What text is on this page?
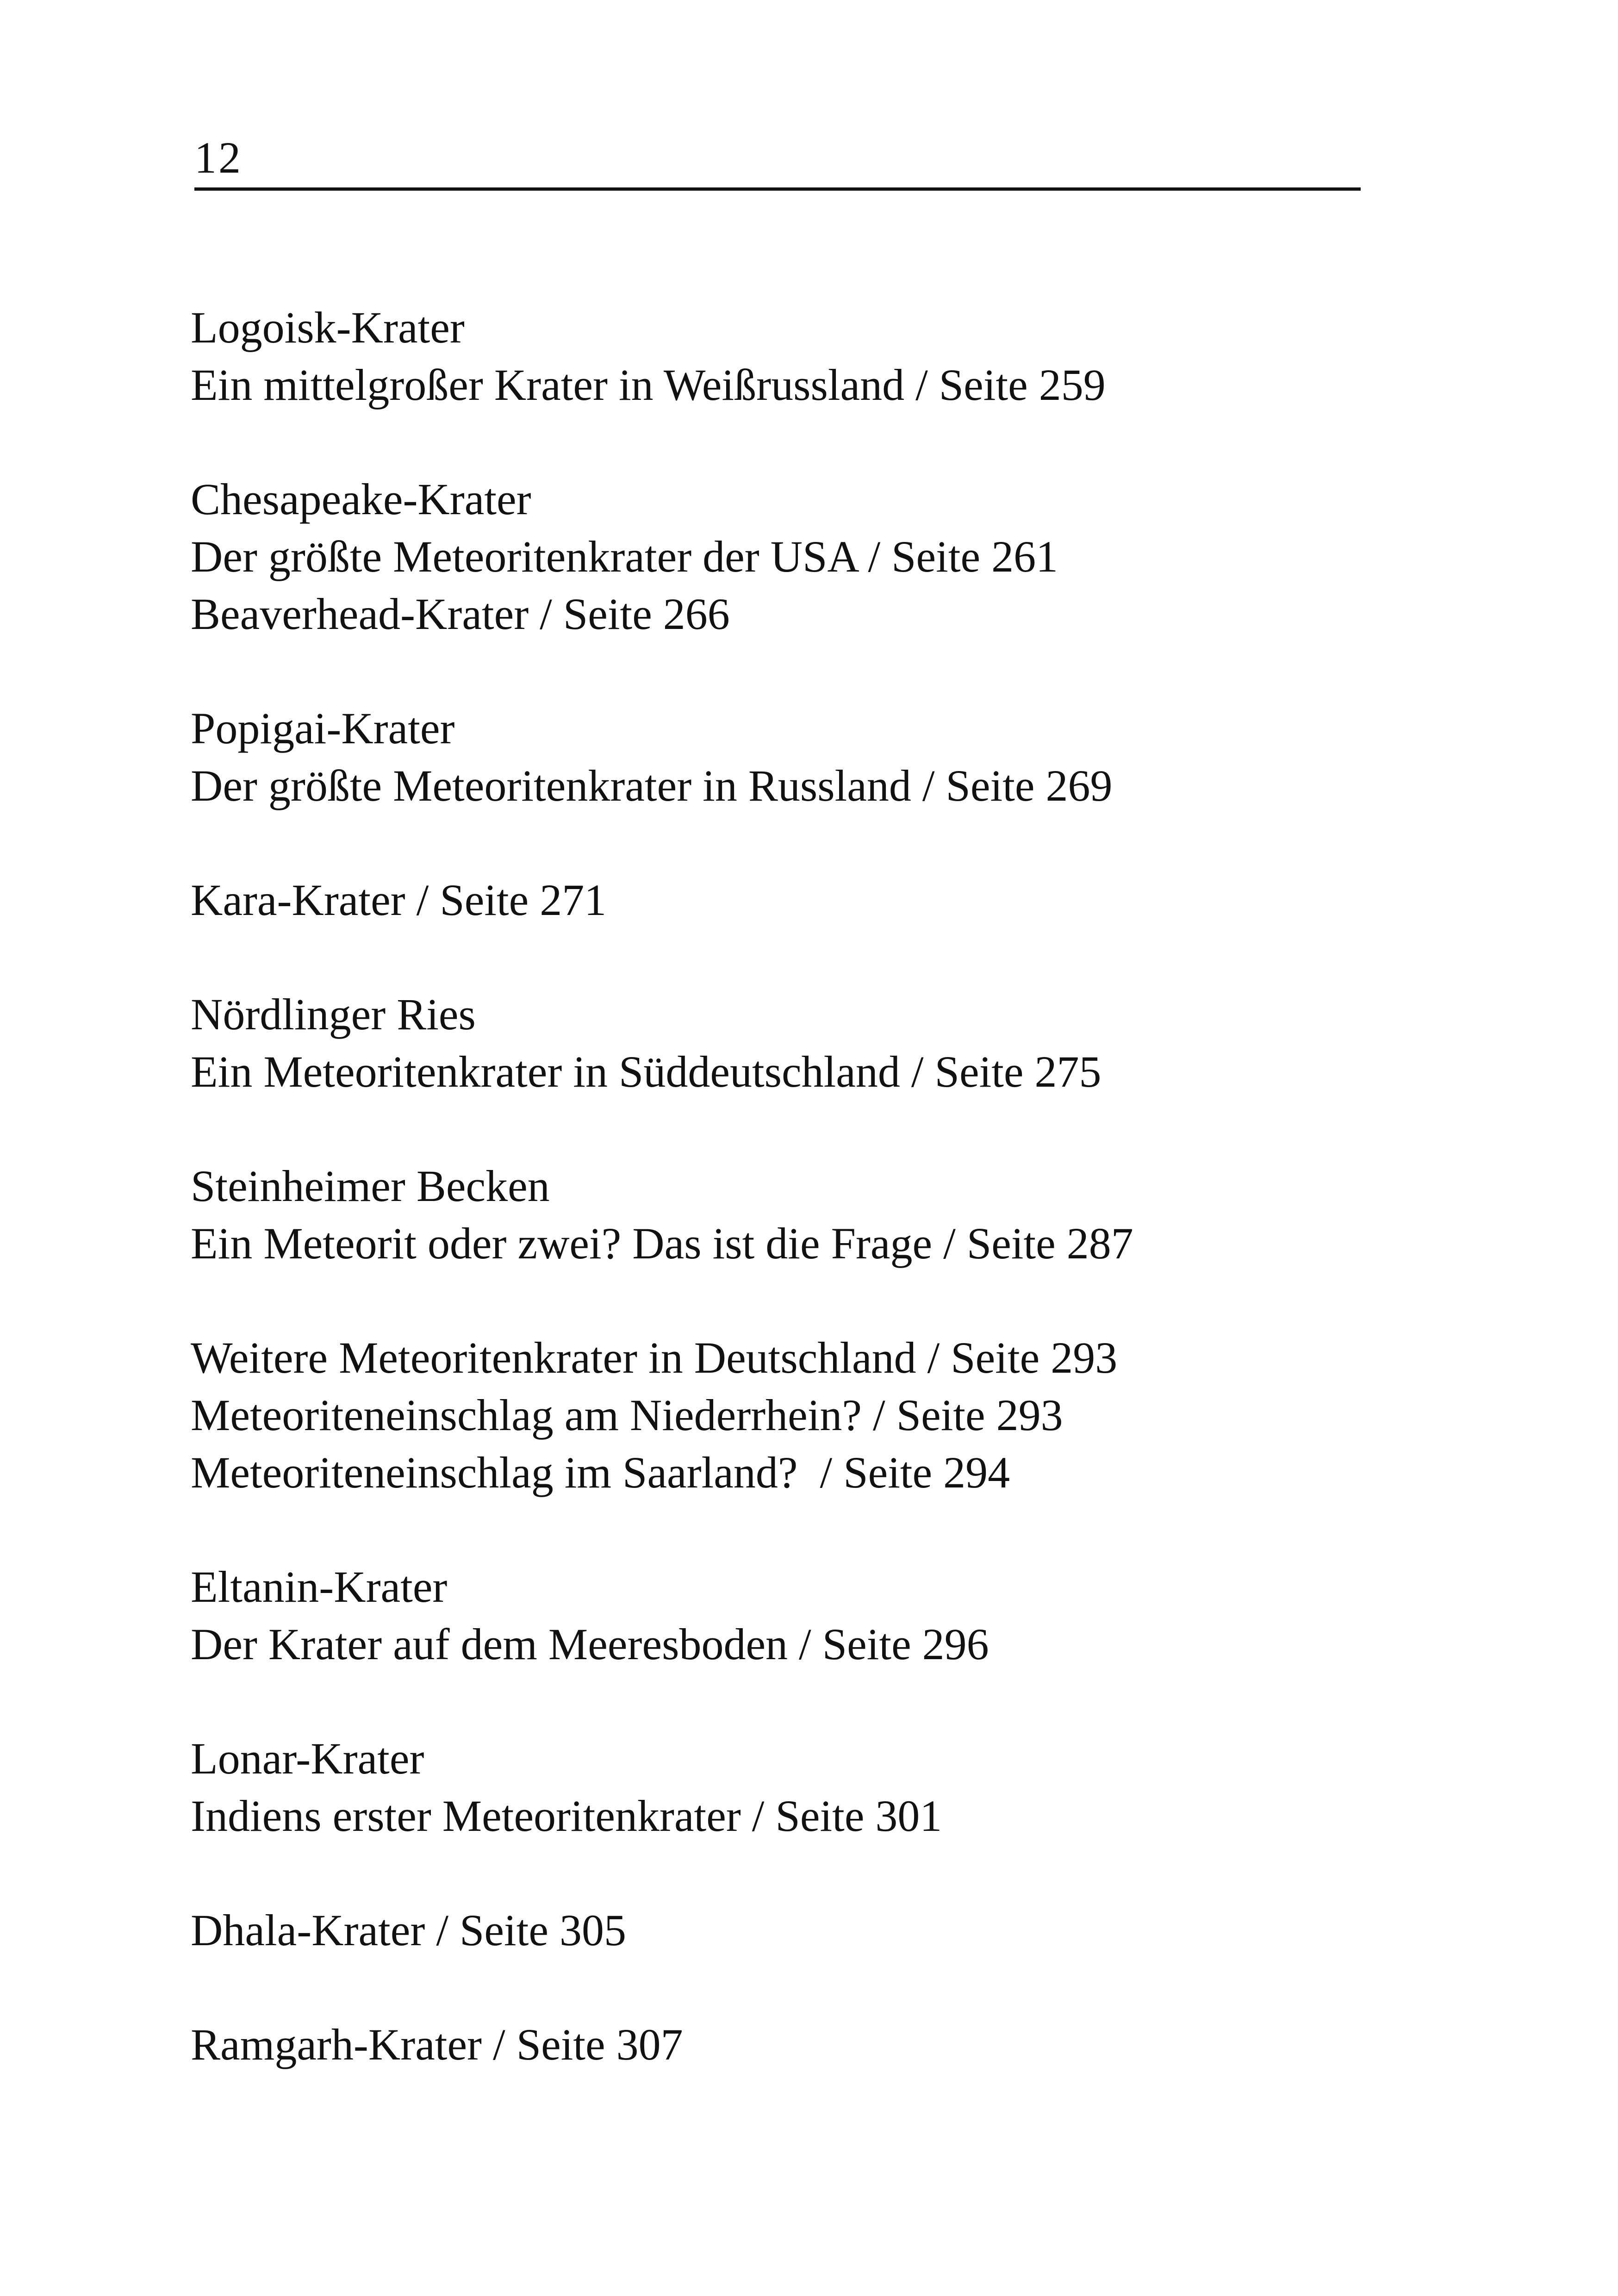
12
Logoisk-Krater
Ein mittelgroßer Krater in Weißrussland / Seite 259
Chesapeake-Krater
Der größte Meteoritenkrater der USA / Seite 261
Beaverhead-Krater / Seite 266
Popigai-Krater
Der größte Meteoritenkrater in Russland / Seite 269
Kara-Krater / Seite 271
Nördlinger Ries
Ein Meteoritenkrater in Süddeutschland / Seite 275
Steinheimer Becken
Ein Meteorit oder zwei? Das ist die Frage / Seite 287
Weitere Meteoritenkrater in Deutschland / Seite 293
Meteoriteneinschlag am Niederrhein? / Seite 293
Meteoriteneinschlag im Saarland?  / Seite 294
Eltanin-Krater
Der Krater auf dem Meeresboden / Seite 296
Lonar-Krater
Indiens erster Meteoritenkrater / Seite 301
Dhala-Krater / Seite 305
Ramgarh-Krater / Seite 307
